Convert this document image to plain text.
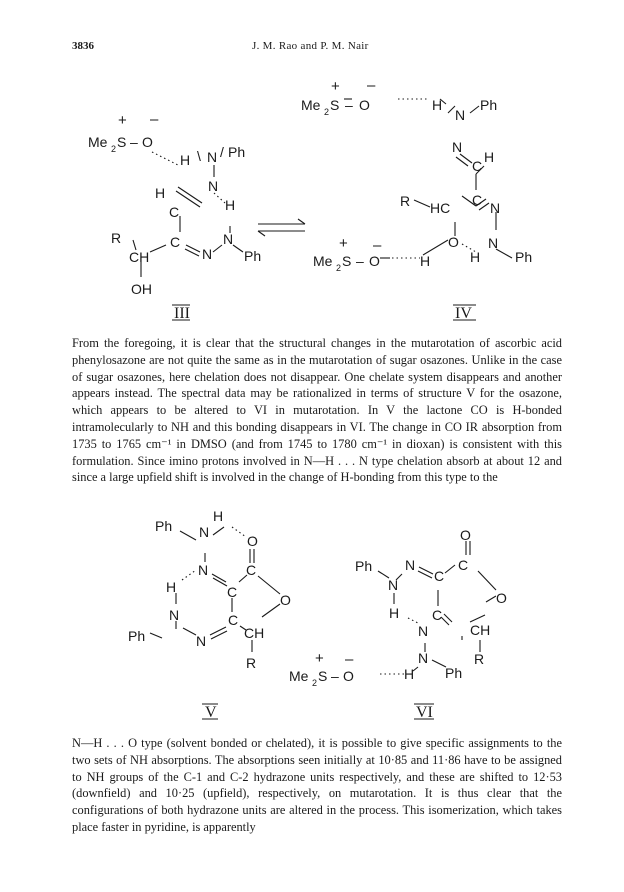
3836	J. M. Rao and P. M. Nair
+ –
Me 2 S – O
H \ N / Ph
N
H
C	H
R	C
N
N
Ph
CH
OH
+ –
Me 2 S – O	H
N
Ph
N
C
H
R HC C N
O N
H Ph
+ –
Me 2 S – O	H
III	IV

From the foregoing, it is clear that the structural changes in the mutarotation of ascorbic acid phenylosazone are not quite the same as in the mutarotation of sugar osazones. Unlike in the case of sugar osazones, here chelation does not disappear. One chelate system disappears and another appears instead. The spectral data may be rationalized in terms of structure V for the osazone, which appears to be altered to VI in mutarotation. In V the lactone CO is H-bonded intramolecularly to NH and this bonding disappears in VI. The change in CO IR absorption from 1735 to 1765 cm⁻¹ in DMSO (and from 1745 to 1780 cm⁻¹ in dioxan) is consistent with this formulation. Since imino protons involved in N—H . . . N type chelation absorb at about 12 and since a large upfield shift is involved in the change of H-bonding from this type to the

Ph N
H
O
N	C
C
H
O
N
Ph	N
C
CH
R
O
Ph N
N
C
C
O
H C
N	CH
R
N
Ph
H
+ –
Me 2 S – O
V	VI

N—H . . . O type (solvent bonded or chelated), it is possible to give specific assignments to the two sets of NH absorptions. The absorptions seen initially at 10·85 and 11·86 have to be assigned to NH groups of the C-1 and C-2 hydrazone units respectively, and these are shifted to 12·53 (downfield) and 10·25 (upfield), respectively, on mutarotation. It is thus clear that the configurations of both hydrazone units are altered in the process. This isomerization, which takes place faster in pyridine, is apparently
